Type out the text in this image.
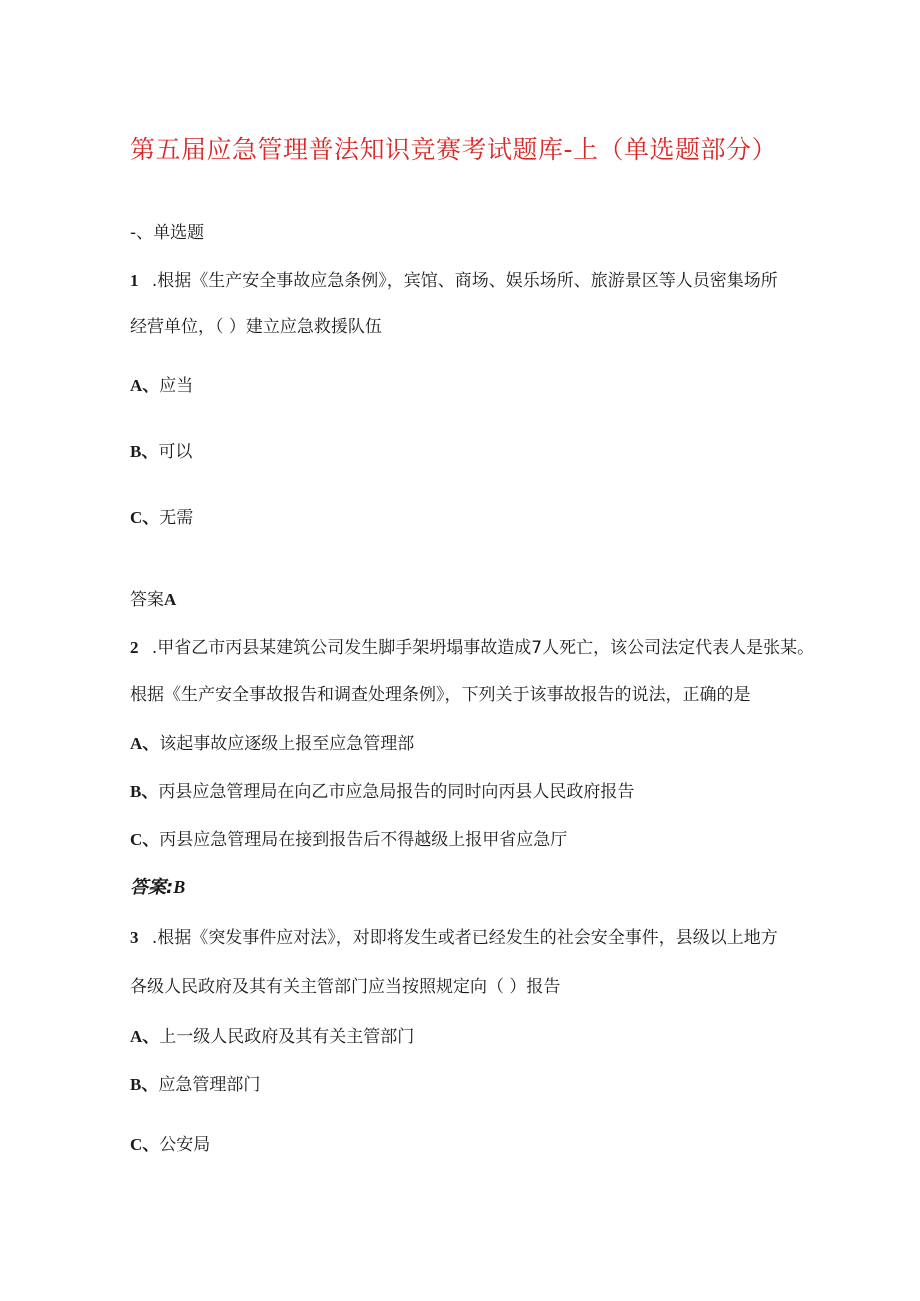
第五届应急管理普法知识竞赛考试题库-上（单选题部分）
-、单选题
1 .根据《生产安全事故应急条例》，宾馆、商场、娱乐场所、旅游景区等人员密集场所
经营单位，（ ）建立应急救援队伍
A、应当
B、可以
C、无需
答案A
2 .甲省乙市丙县某建筑公司发生脚手架坍塌事故造成7人死亡，该公司法定代表人是张某。
根据《生产安全事故报告和调查处理条例》，下列关于该事故报告的说法，正确的是
A、该起事故应逐级上报至应急管理部
B、丙县应急管理局在向乙市应急局报告的同时向丙县人民政府报告
C、丙县应急管理局在接到报告后不得越级上报甲省应急厅
答案:B
3 .根据《突发事件应对法》，对即将发生或者已经发生的社会安全事件，县级以上地方
各级人民政府及其有关主管部门应当按照规定向（ ）报告
A、上一级人民政府及其有关主管部门
B、应急管理部门
C、公安局
